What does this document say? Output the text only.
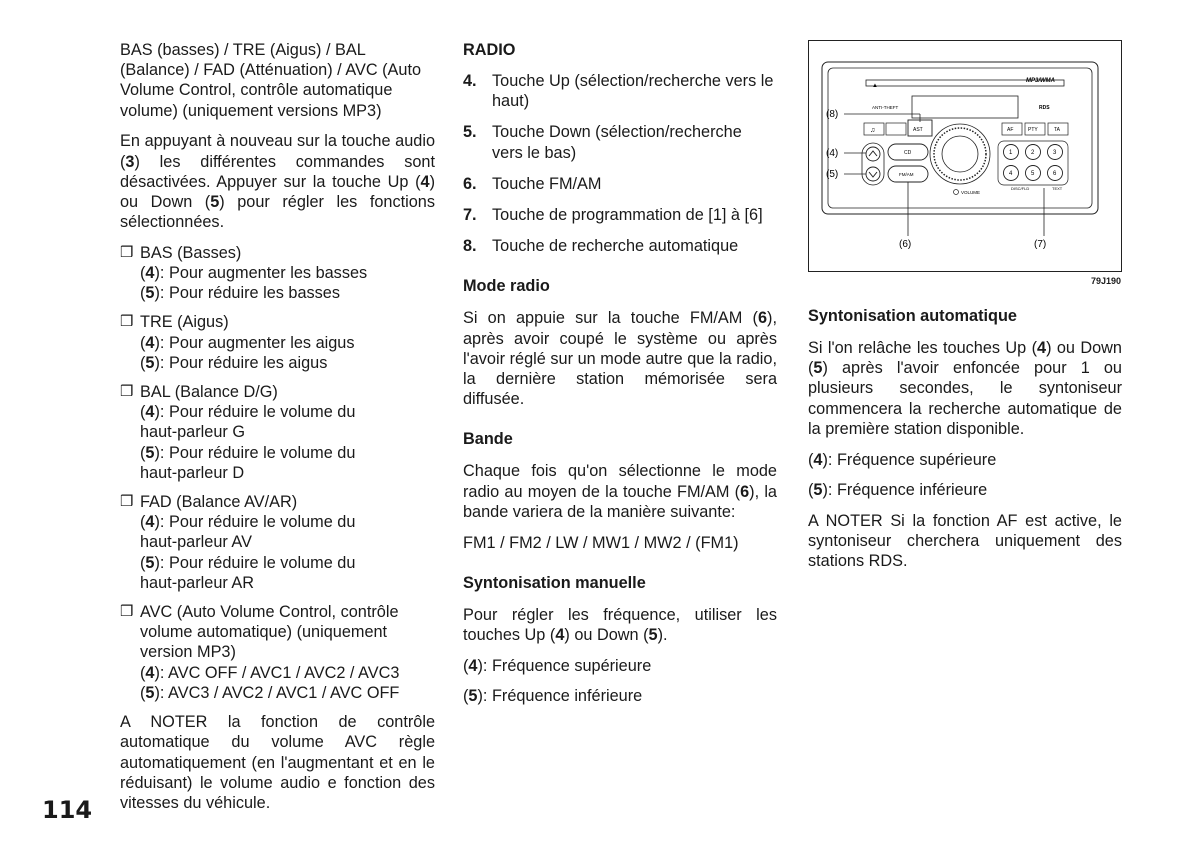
BAS (basses) / TRE (Aigus) / BAL (Balance) / FAD (Atténuation) / AVC (Auto Volume Control, contrôle automatique volume) (uniquement versions MP3)

En appuyant à nouveau sur la touche audio (3) les différentes commandes sont désactivées. Appuyer sur la touche Up (4) ou Down (5) pour régler les fonctions sélectionnées.

❒ BAS (Basses)
(4): Pour augmenter les basses
(5): Pour réduire les basses
❒ TRE (Aigus)
(4): Pour augmenter les aigus
(5): Pour réduire les aigus
❒ BAL (Balance D/G)
(4): Pour réduire le volume du haut-parleur G
(5): Pour réduire le volume du haut-parleur D
❒ FAD (Balance AV/AR)
(4): Pour réduire le volume du haut-parleur AV
(5): Pour réduire le volume du haut-parleur AR
❒ AVC (Auto Volume Control, contrôle volume automatique) (uniquement version MP3)
(4): AVC OFF / AVC1 / AVC2 / AVC3
(5): AVC3 / AVC2 / AVC1 / AVC OFF

A NOTER la fonction de contrôle automatique du volume AVC règle automatiquement (en l'augmentant et en le réduisant) le volume audio e fonction des vitesses du véhicule.

RADIO
4. Touche Up (sélection/recherche vers le haut)
5. Touche Down (sélection/recherche vers le bas)
6. Touche FM/AM
7. Touche de programmation de [1] à [6]
8. Touche de recherche automatique
Mode radio

Si on appuie sur la touche FM/AM (6), après avoir coupé le système ou après l'avoir réglé sur un mode autre que la radio, la dernière station mémorisée sera diffusée.

Bande

Chaque fois qu'on sélectionne le mode radio au moyen de la touche FM/AM (6), la bande variera de la manière suivante:

FM1 / FM2 / LW / MW1 / MW2 / (FM1)

Syntonisation manuelle

Pour régler les fréquence, utiliser les touches Up (4) ou Down (5).

(4): Fréquence supérieure

(5): Fréquence inférieure

▲
MP3/WMA
ANTI-THEFT	RDS
♫	AST	AF	PTY	TA
CD
FM/AM
VOLUME
1	2	3
4	5	6
DISC/FLD	TEXT
(8)
(4)
(5)
(6)	(7)
79J190
Syntonisation automatique

Si l'on relâche les touches Up (4) ou Down (5) après l'avoir enfoncée pour 1 ou plusieurs secondes, le syntoniseur commencera la recherche automatique de la première station disponible.

(4): Fréquence supérieure

(5): Fréquence inférieure

A NOTER Si la fonction AF est active, le syntoniseur cherchera uniquement des stations RDS.

114
